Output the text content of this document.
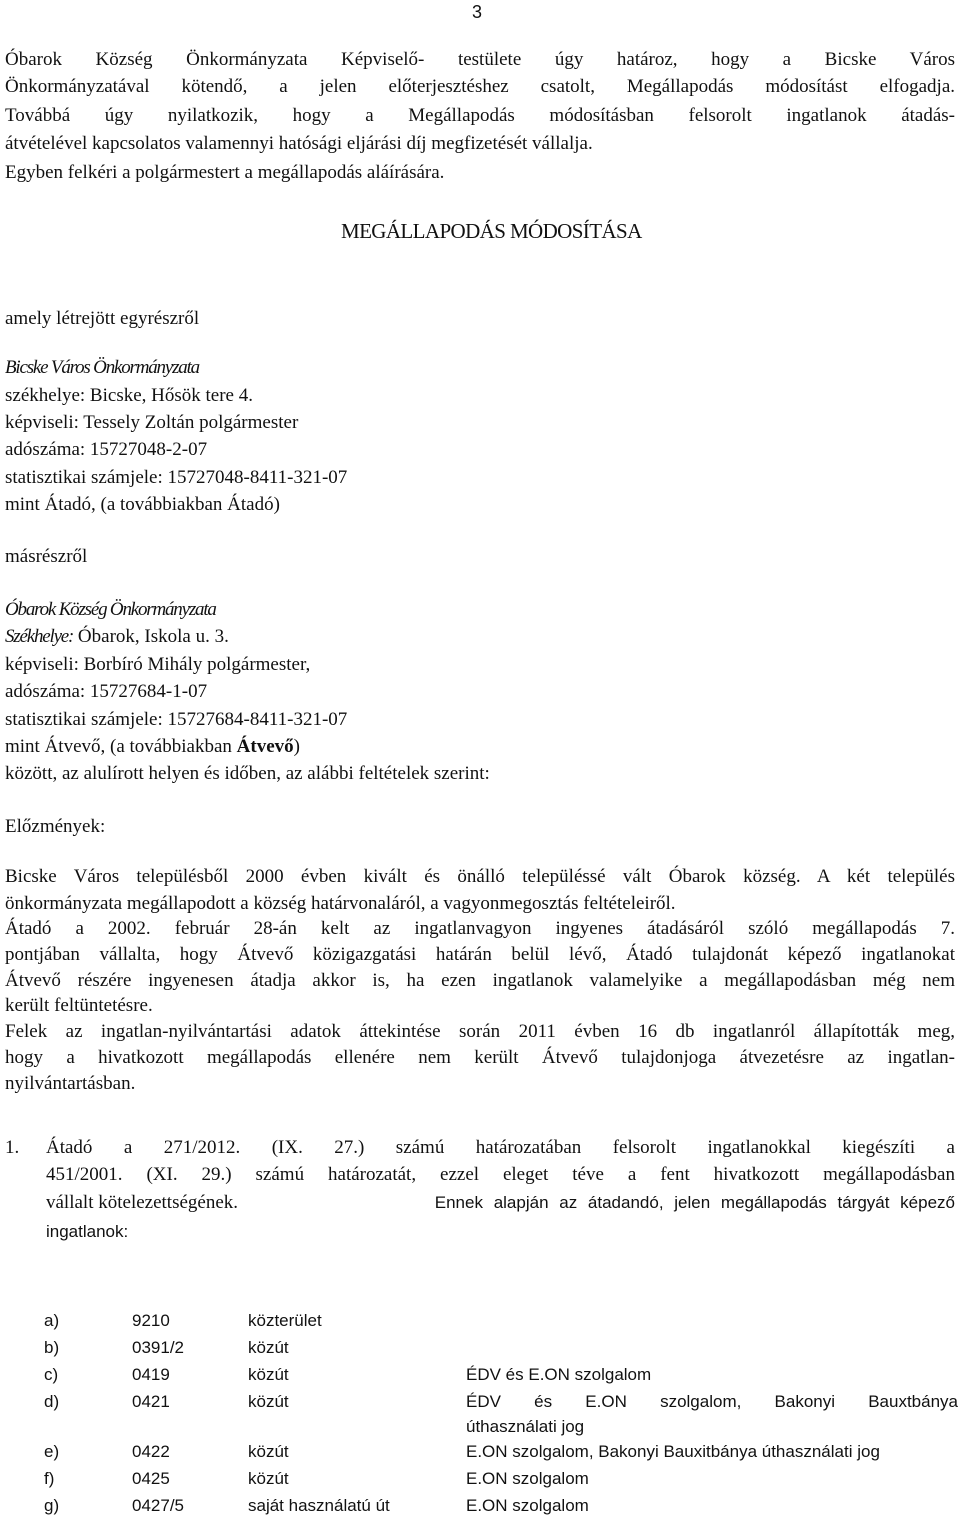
3
Óbarok Község Önkormányzata Képviselő- testülete úgy határoz, hogy a Bicske Város
Önkormányzatával kötendő, a jelen előterjesztéshez csatolt, Megállapodás módosítást elfogadja.
Továbbá úgy nyilatkozik, hogy a Megállapodás módosításban felsorolt ingatlanok átadás-
átvételével kapcsolatos valamennyi hatósági eljárási díj megfizetését vállalja.
Egyben felkéri a polgármestert a megállapodás aláírására.
MEGÁLLAPODÁS MÓDOSÍTÁSA
amely létrejött egyrészről
Bicske Város Önkormányzata
székhelye: Bicske, Hősök tere 4.
képviseli: Tessely Zoltán polgármester
adószáma: 15727048-2-07
statisztikai számjele: 15727048-8411-321-07
mint Átadó, (a továbbiakban Átadó)
másrészről
Óbarok Község Önkormányzata
Székhelye: Óbarok, Iskola u. 3.
képviseli: Borbíró Mihály polgármester,
adószáma: 15727684-1-07
statisztikai számjele: 15727684-8411-321-07
mint Átvevő, (a továbbiakban Átvevő)
között, az alulírott helyen és időben, az alábbi feltételek szerint:
Előzmények:
Bicske Város településből 2000 évben kivált és önálló településsé vált Óbarok község. A két település
önkormányzata megállapodott a község határvonaláról, a vagyonmegosztás feltételeiről.
Átadó a 2002. február 28-án kelt az ingatlanvagyon ingyenes átadásáról szóló megállapodás 7.
pontjában vállalta, hogy Átvevő közigazgatási határán belül lévő, Átadó tulajdonát képező ingatlanokat
Átvevő részére ingyenesen átadja akkor is, ha ezen ingatlanok valamelyike a megállapodásban még nem
került feltüntetésre.
Felek az ingatlan-nyilvántartási adatok áttekintése során 2011 évben 16 db ingatlanról állapították meg,
hogy a hivatkozott megállapodás ellenére nem került Átvevő tulajdonjoga átvezetésre az ingatlan-
nyilvántartásban.
1. Átadó a 271/2012. (IX. 27.) számú határozatában felsorolt ingatlanokkal kiegészíti a
451/2001. (XI. 29.) számú határozatát, ezzel eleget téve a fent hivatkozott megállapodásban
vállalt kötelezettségének.	Ennek alapján az átadandó, jelen megállapodás tárgyát képező
ingatlanok:
a)	9210	közterület	
b)	0391/2	közút	
c)	0419	közút	ÉDV és E.ON szolgalom
d)	0421	közút	ÉDV és E.ON szolgalom, Bakonyi Bauxtbánya
úthasználati jog

e)	0422	közút	E.ON szolgalom, Bakonyi Bauxitbánya úthasználati jog
f)	0425	közút	E.ON szolgalom
g)	0427/5	saját használatú út	E.ON szolgalom
